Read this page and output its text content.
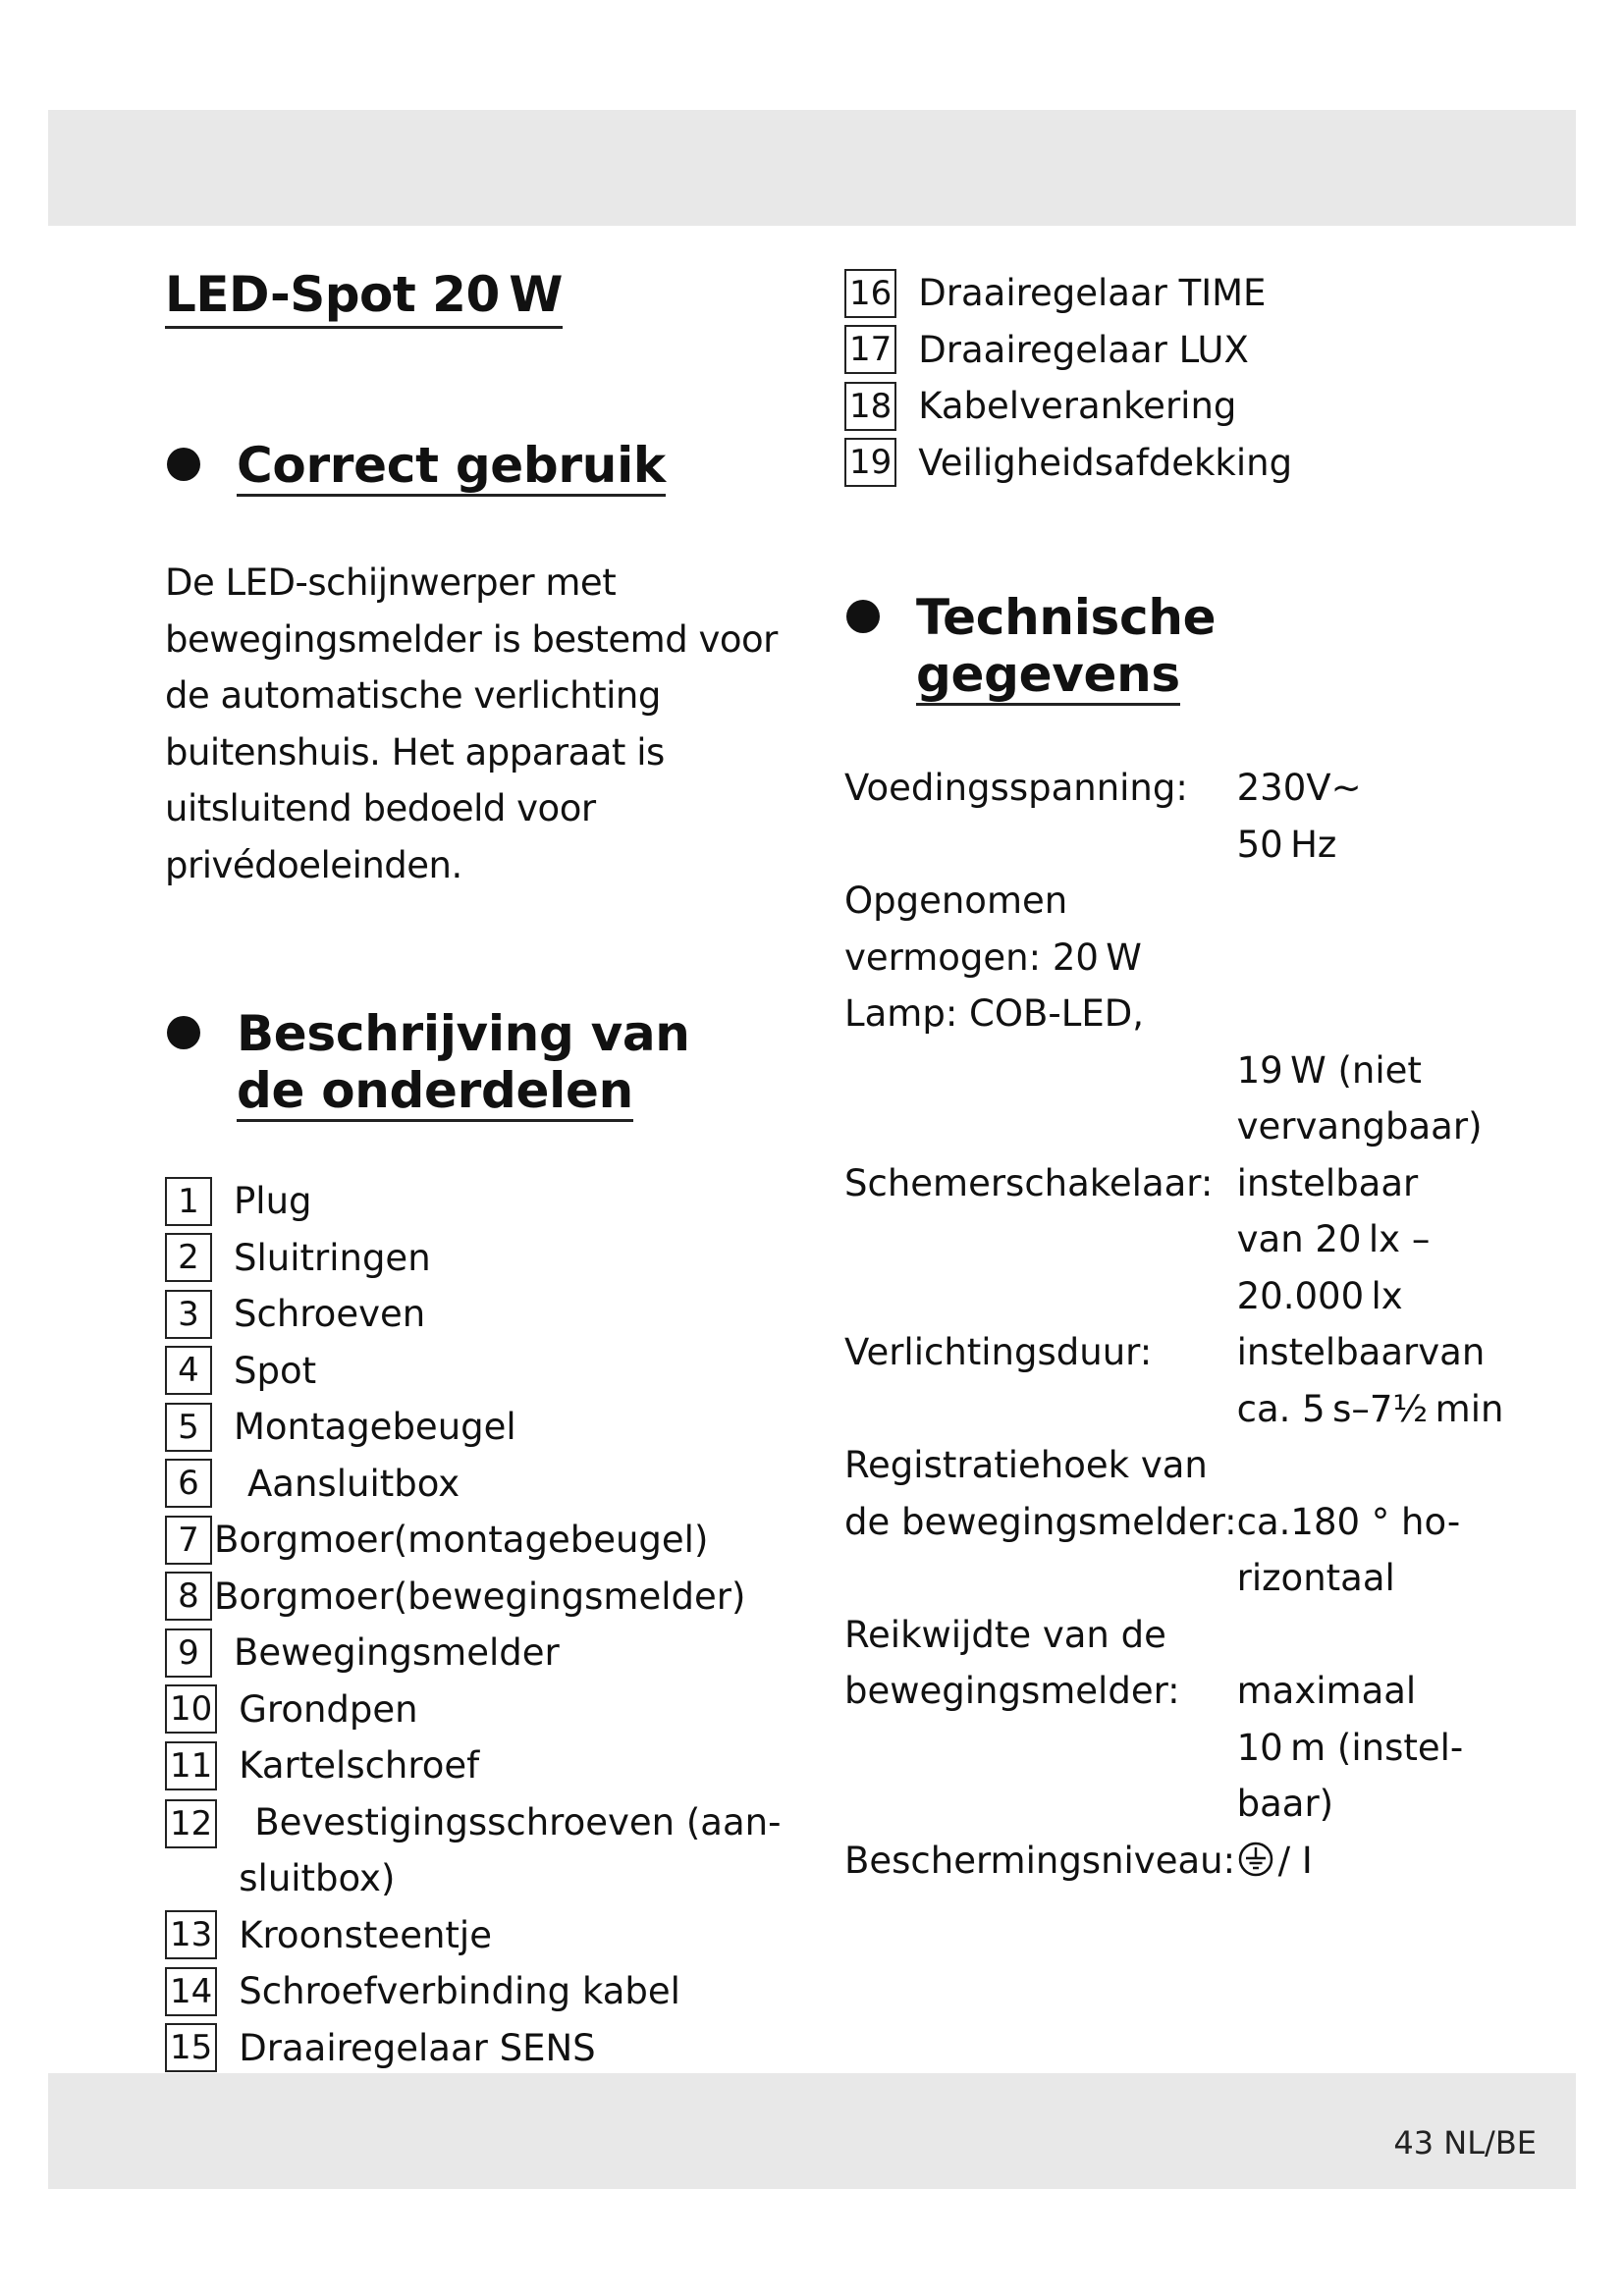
LED-Spot 20 W
Correct gebruik

De LED-schijnwerper met bewegingsmelder is bestemd voor de automatische verlichting buitenshuis. Het apparaat is uitsluitend bedoeld voor privédoeleinden.

Beschrijving van
de onderdelen
1 Plug
2 Sluitringen
3 Schroeven
4 Spot
5 Montagebeugel
6	Aansluitbox
7 Borgmoer(montagebeugel)
8 Borgmoer(bewegingsmelder)
9 Bewegingsmelder
10 Grondpen
11 Kartelschroef
12	Bevestigingsschroeven (aan-
sluitbox)
13 Kroonsteentje
14 Schroefverbinding kabel
15 Draairegelaar SENS
16 Draairegelaar TIME
17 Draairegelaar LUX
18 Kabelverankering
19 Veiligheidsafdekking
Technische
gegevens
Voedingsspanning:	230V~
	50 Hz
Opgenomen	
vermogen: 20 W	
Lamp: COB-LED,	
	19 W (niet
	vervangbaar)
Schemerschakelaar:	instelbaar
	van 20 lx –
	20.000 lx
Verlichtingsduur:	instelbaarvan
	ca. 5 s–7½ min
Registratiehoek van	
de bewegingsmelder:	ca.180 ° ho-
	rizontaal
Reikwijdte van de	
bewegingsmelder:	maximaal
	10 m (instel-
	baar)
Beschermingsniveau:	/ I
43 NL/BE
